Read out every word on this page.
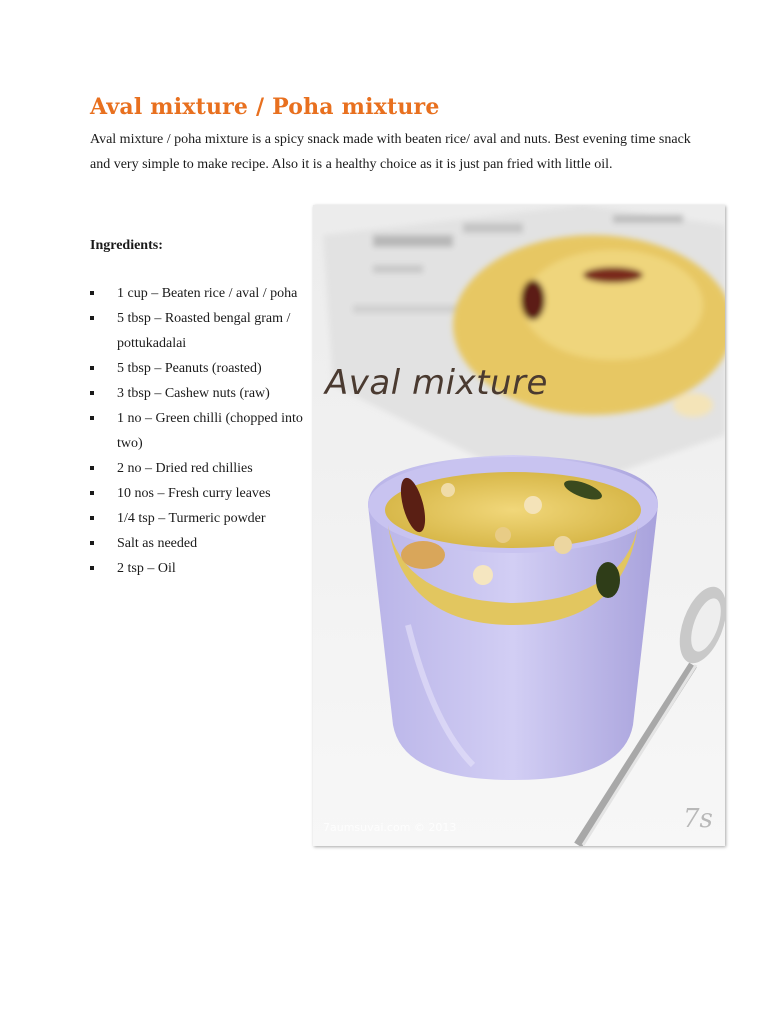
Aval mixture / Poha mixture
Aval mixture / poha mixture is a spicy snack made with beaten rice/ aval and nuts. Best evening time snack and very simple to make recipe. Also it is a healthy choice as it is just pan fried with little oil.
Ingredients:
1 cup – Beaten rice / aval / poha
5 tbsp – Roasted bengal gram / pottukadalai
5 tbsp – Peanuts (roasted)
3 tbsp – Cashew nuts (raw)
1 no – Green chilli (chopped into two)
2 no – Dried red chillies
10 nos – Fresh curry leaves
1/4 tsp – Turmeric powder
Salt as needed
2 tsp – Oil
Aval mixture
7aumsuvai.com © 2013	7s
